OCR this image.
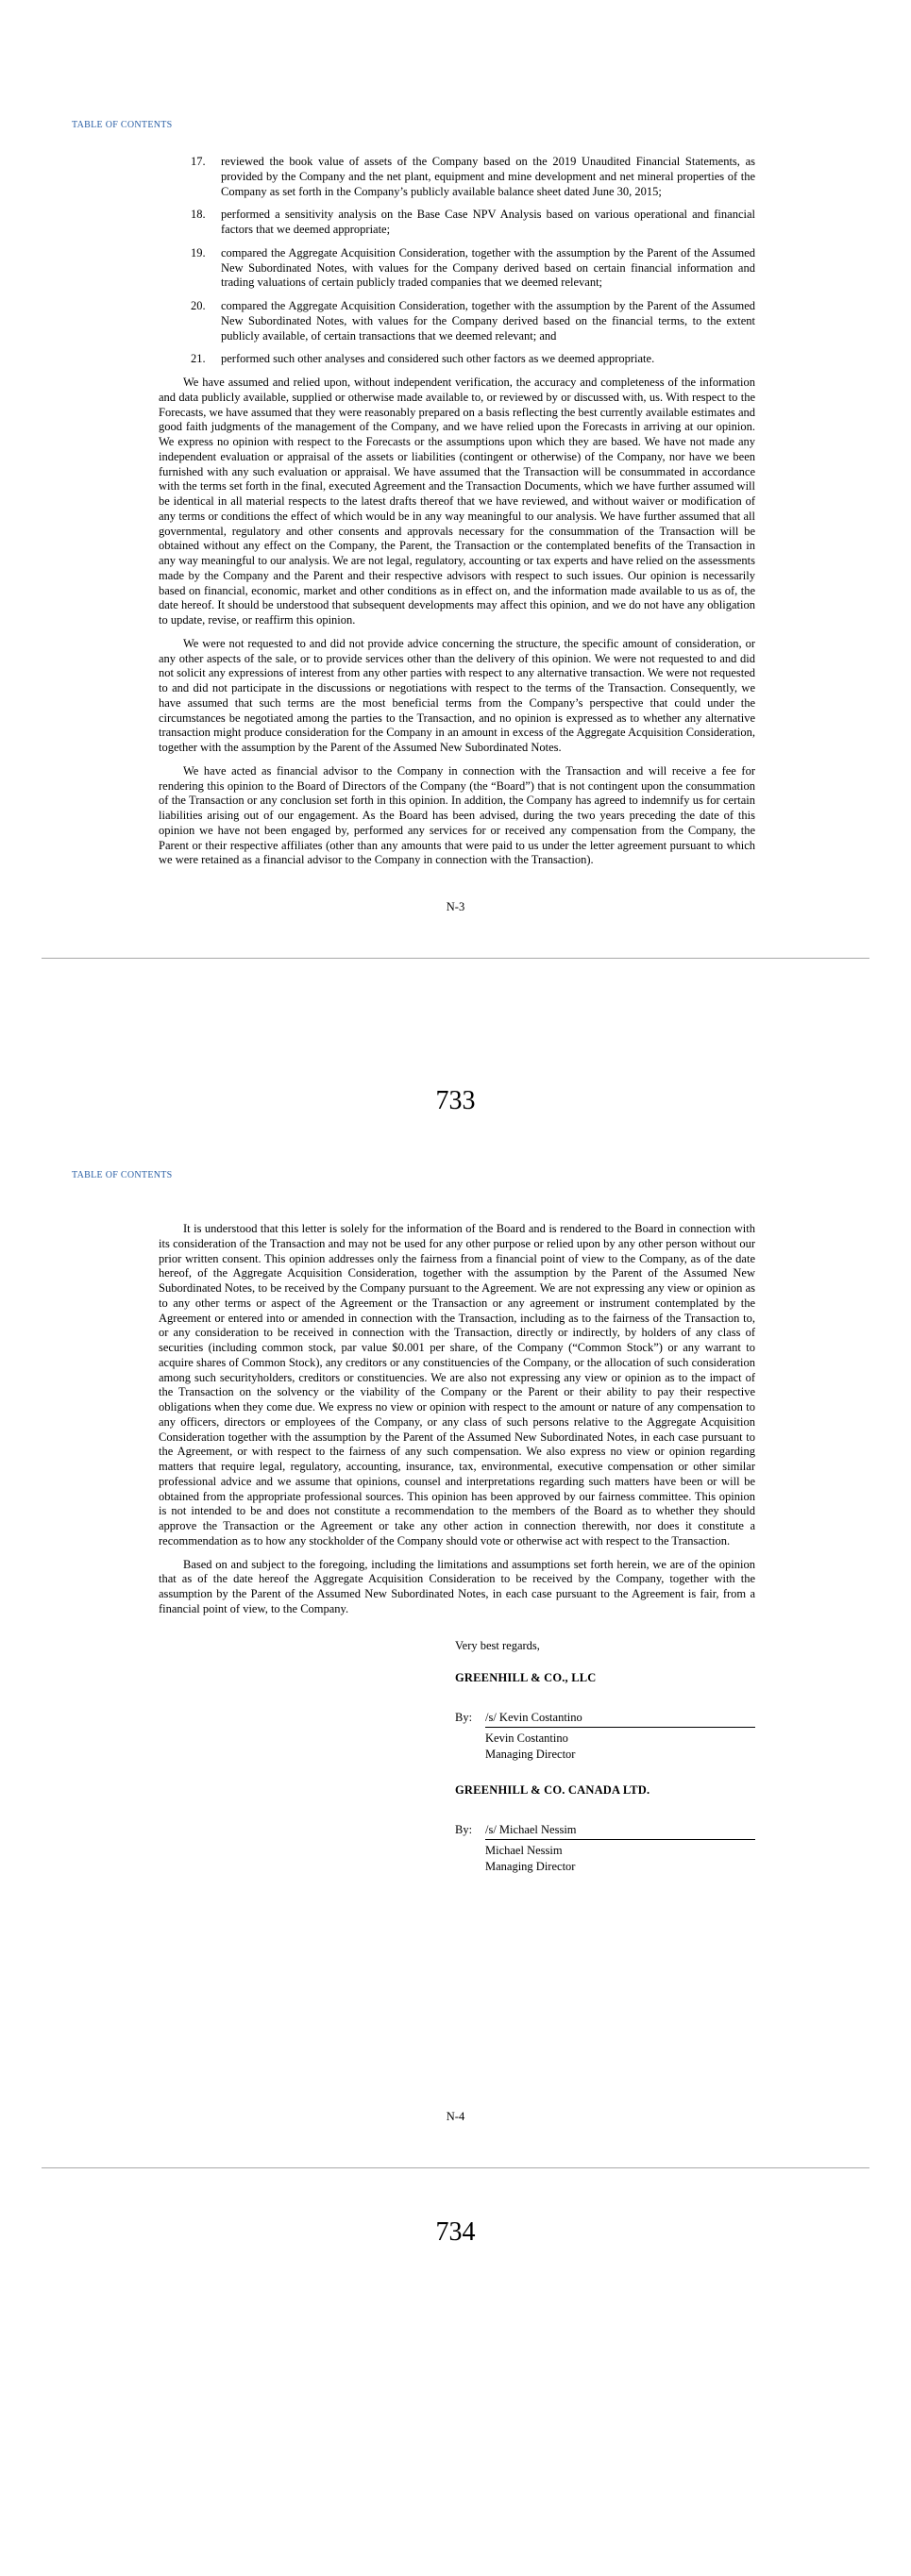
TABLE OF CONTENTS
17.	reviewed the book value of assets of the Company based on the 2019 Unaudited Financial Statements, as provided by the Company and the net plant, equipment and mine development and net mineral properties of the Company as set forth in the Company’s publicly available balance sheet dated June 30, 2015;
18.	performed a sensitivity analysis on the Base Case NPV Analysis based on various operational and financial factors that we deemed appropriate;
19.	compared the Aggregate Acquisition Consideration, together with the assumption by the Parent of the Assumed New Subordinated Notes, with values for the Company derived based on certain financial information and trading valuations of certain publicly traded companies that we deemed relevant;
20.	compared the Aggregate Acquisition Consideration, together with the assumption by the Parent of the Assumed New Subordinated Notes, with values for the Company derived based on the financial terms, to the extent publicly available, of certain transactions that we deemed relevant; and
21.	performed such other analyses and considered such other factors as we deemed appropriate.

We have assumed and relied upon, without independent verification, the accuracy and completeness of the information and data publicly available, supplied or otherwise made available to, or reviewed by or discussed with, us. With respect to the Forecasts, we have assumed that they were reasonably prepared on a basis reflecting the best currently available estimates and good faith judgments of the management of the Company, and we have relied upon the Forecasts in arriving at our opinion. We express no opinion with respect to the Forecasts or the assumptions upon which they are based. We have not made any independent evaluation or appraisal of the assets or liabilities (contingent or otherwise) of the Company, nor have we been furnished with any such evaluation or appraisal. We have assumed that the Transaction will be consummated in accordance with the terms set forth in the final, executed Agreement and the Transaction Documents, which we have further assumed will be identical in all material respects to the latest drafts thereof that we have reviewed, and without waiver or modification of any terms or conditions the effect of which would be in any way meaningful to our analysis. We have further assumed that all governmental, regulatory and other consents and approvals necessary for the consummation of the Transaction will be obtained without any effect on the Company, the Parent, the Transaction or the contemplated benefits of the Transaction in any way meaningful to our analysis. We are not legal, regulatory, accounting or tax experts and have relied on the assessments made by the Company and the Parent and their respective advisors with respect to such issues. Our opinion is necessarily based on financial, economic, market and other conditions as in effect on, and the information made available to us as of, the date hereof. It should be understood that subsequent developments may affect this opinion, and we do not have any obligation to update, revise, or reaffirm this opinion.

We were not requested to and did not provide advice concerning the structure, the specific amount of consideration, or any other aspects of the sale, or to provide services other than the delivery of this opinion. We were not requested to and did not solicit any expressions of interest from any other parties with respect to any alternative transaction. We were not requested to and did not participate in the discussions or negotiations with respect to the terms of the Transaction. Consequently, we have assumed that such terms are the most beneficial terms from the Company’s perspective that could under the circumstances be negotiated among the parties to the Transaction, and no opinion is expressed as to whether any alternative transaction might produce consideration for the Company in an amount in excess of the Aggregate Acquisition Consideration, together with the assumption by the Parent of the Assumed New Subordinated Notes.

We have acted as financial advisor to the Company in connection with the Transaction and will receive a fee for rendering this opinion to the Board of Directors of the Company (the “Board”) that is not contingent upon the consummation of the Transaction or any conclusion set forth in this opinion. In addition, the Company has agreed to indemnify us for certain liabilities arising out of our engagement. As the Board has been advised, during the two years preceding the date of this opinion we have not been engaged by, performed any services for or received any compensation from the Company, the Parent or their respective affiliates (other than any amounts that were paid to us under the letter agreement pursuant to which we were retained as a financial advisor to the Company in connection with the Transaction).

N-3
733
TABLE OF CONTENTS

It is understood that this letter is solely for the information of the Board and is rendered to the Board in connection with its consideration of the Transaction and may not be used for any other purpose or relied upon by any other person without our prior written consent. This opinion addresses only the fairness from a financial point of view to the Company, as of the date hereof, of the Aggregate Acquisition Consideration, together with the assumption by the Parent of the Assumed New Subordinated Notes, to be received by the Company pursuant to the Agreement. We are not expressing any view or opinion as to any other terms or aspect of the Agreement or the Transaction or any agreement or instrument contemplated by the Agreement or entered into or amended in connection with the Transaction, including as to the fairness of the Transaction to, or any consideration to be received in connection with the Transaction, directly or indirectly, by holders of any class of securities (including common stock, par value $0.001 per share, of the Company (“Common Stock”) or any warrant to acquire shares of Common Stock), any creditors or any constituencies of the Company, or the allocation of such consideration among such securityholders, creditors or constituencies. We are also not expressing any view or opinion as to the impact of the Transaction on the solvency or the viability of the Company or the Parent or their ability to pay their respective obligations when they come due. We express no view or opinion with respect to the amount or nature of any compensation to any officers, directors or employees of the Company, or any class of such persons relative to the Aggregate Acquisition Consideration together with the assumption by the Parent of the Assumed New Subordinated Notes, in each case pursuant to the Agreement, or with respect to the fairness of any such compensation. We also express no view or opinion regarding matters that require legal, regulatory, accounting, insurance, tax, environmental, executive compensation or other similar professional advice and we assume that opinions, counsel and interpretations regarding such matters have been or will be obtained from the appropriate professional sources. This opinion has been approved by our fairness committee. This opinion is not intended to be and does not constitute a recommendation to the members of the Board as to whether they should approve the Transaction or the Agreement or take any other action in connection therewith, nor does it constitute a recommendation as to how any stockholder of the Company should vote or otherwise act with respect to the Transaction.

Based on and subject to the foregoing, including the limitations and assumptions set forth herein, we are of the opinion that as of the date hereof the Aggregate Acquisition Consideration to be received by the Company, together with the assumption by the Parent of the Assumed New Subordinated Notes, in each case pursuant to the Agreement is fair, from a financial point of view, to the Company.

Very best regards,
GREENHILL & CO., LLC
By:	/s/ Kevin Costantino
Kevin Costantino
Managing Director
GREENHILL & CO. CANADA LTD.
By:	/s/ Michael Nessim
Michael Nessim
Managing Director
N-4
734
